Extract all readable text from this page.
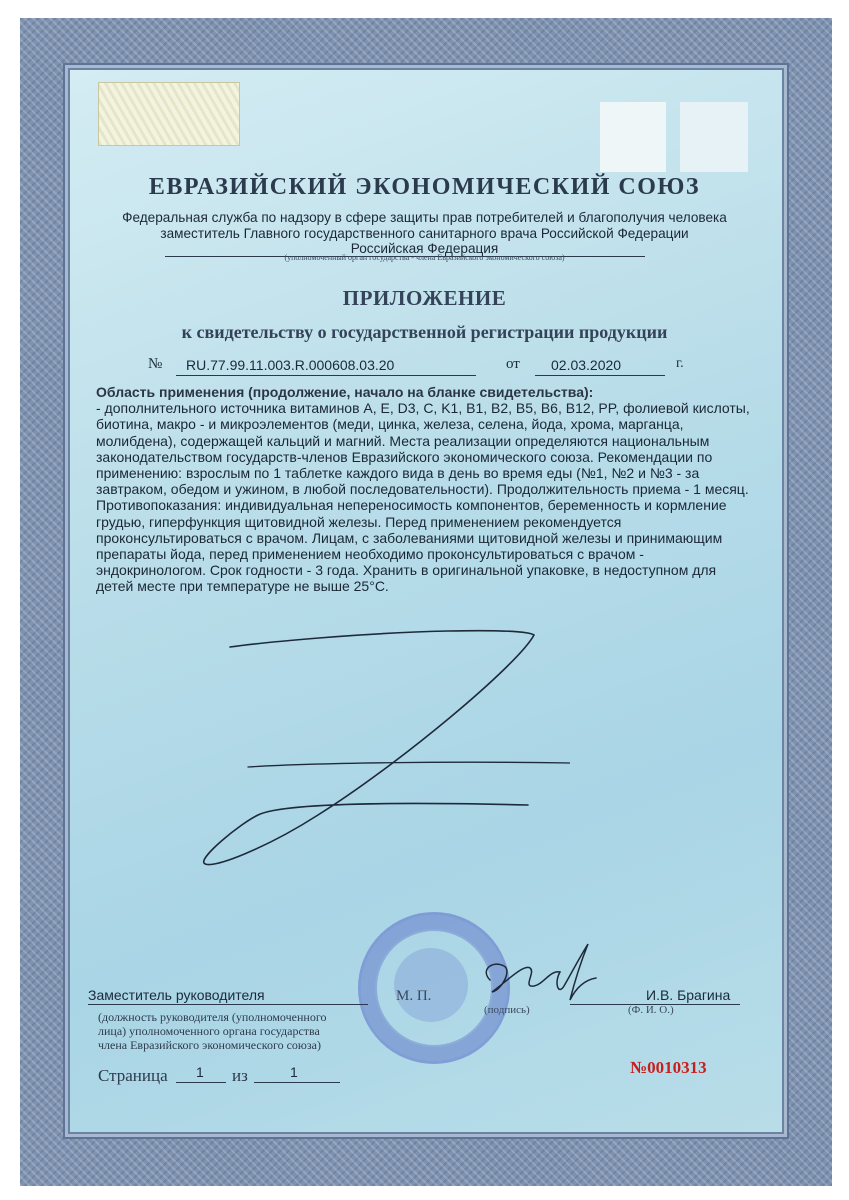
ЕВРАЗИЙСКИЙ ЭКОНОМИЧЕСКИЙ СОЮЗ
Федеральная служба по надзору в сфере защиты прав потребителей и благополучия человека
заместитель Главного государственного санитарного врача Российской Федерации
Российская Федерация
(уполномоченный орган государства - члена Евразийского экономического союза)
ПРИЛОЖЕНИЕ
к свидетельству о государственной регистрации продукции
№ RU.77.99.11.003.R.000608.03.20	от 02.03.2020	г.
Область применения (продолжение, начало на бланке свидетельства):
- дополнительного источника витаминов A, E, D3, C, K1, B1, B2, B5, B6, B12, PP, фолиевой кислоты, биотина, макро - и микроэлементов (меди, цинка, железа, селена, йода, хрома, марганца, молибдена), содержащей кальций и магний. Места реализации определяются национальным законодательством государств-членов Евразийского экономического союза. Рекомендации по применению: взрослым по 1 таблетке каждого вида в день во время еды (№1, №2 и №3 - за завтраком, обедом и ужином, в любой последовательности). Продолжительность приема - 1 месяц. Противопоказания: индивидуальная непереносимость компонентов, беременность и кормление грудью, гиперфункция щитовидной железы. Перед применением рекомендуется проконсультироваться с врачом. Лицам, с заболеваниями щитовидной железы и принимающим препараты йода, перед применением необходимо проконсультироваться с врачом - эндокринологом. Срок годности - 3 года. Хранить в оригинальной упаковке, в недоступном для детей месте при температуре не выше 25°C.
Заместитель руководителя	М. П.
(подпись)
И.В. Брагина
(Ф. И. О.)
(должность руководителя (уполномоченного
лица) уполномоченного органа государства
члена Евразийского экономического союза)
Страница 1 из	1	№0010313
